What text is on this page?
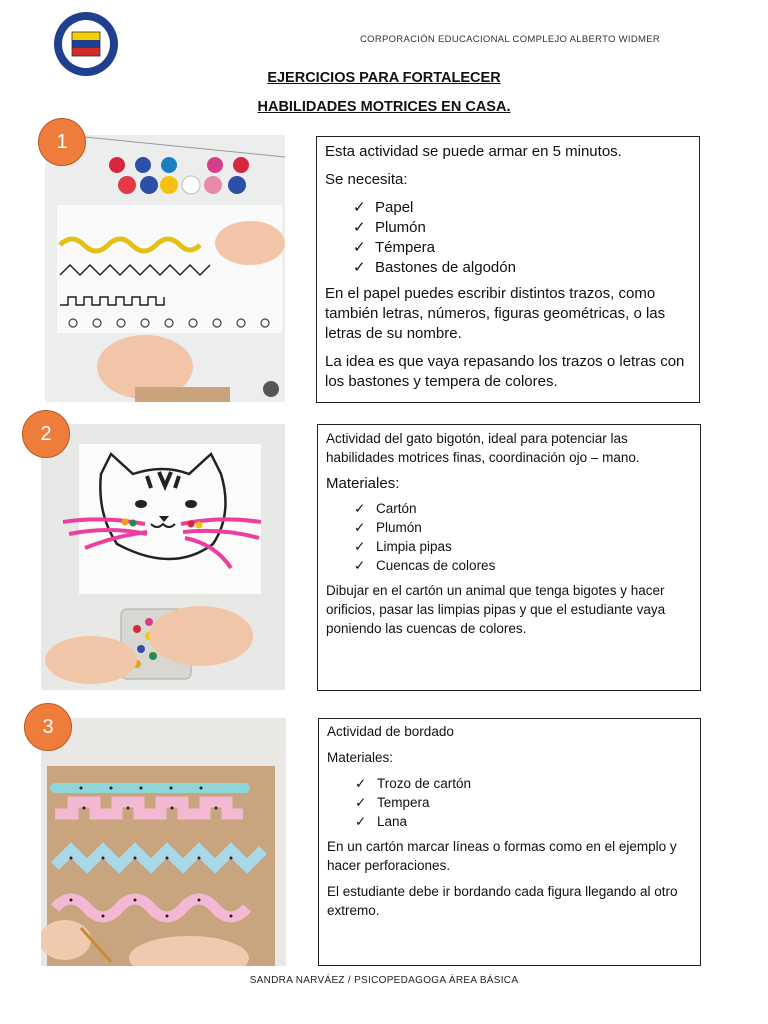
CORPORACIÓN EDUCACIONAL COMPLEJO ALBERTO WIDMER
EJERCICIOS PARA FORTALECER
HABILIDADES MOTRICES EN CASA.
1	Esta actividad se puede armar en 5 minutos.

Se necesita:

✓ Papel
✓ Plumón
✓ Témpera
✓ Bastones de algodón

En el papel puedes escribir distintos trazos, como también letras, números, figuras geométricas, o las letras de su nombre.

La idea es que vaya repasando los trazos o letras con los bastones y tempera de colores.

2	Actividad del gato bigotón, ideal para potenciar las habilidades motrices finas, coordinación ojo – mano.

Materiales:

✓ Cartón
✓ Plumón
✓ Limpia pipas
✓ Cuencas de colores

Dibujar en el cartón un animal que tenga bigotes y hacer orificios, pasar las limpias pipas y que el estudiante vaya poniendo las cuencas de colores.

3	Actividad de bordado

Materiales:

✓ Trozo de cartón
✓ Tempera
✓ Lana

En un cartón marcar líneas o formas como en el ejemplo y hacer perforaciones.

El estudiante debe ir bordando cada figura llegando al otro extremo.

SANDRA NARVÁEZ / PSICOPEDAGOGA ÁREA BÁSICA
